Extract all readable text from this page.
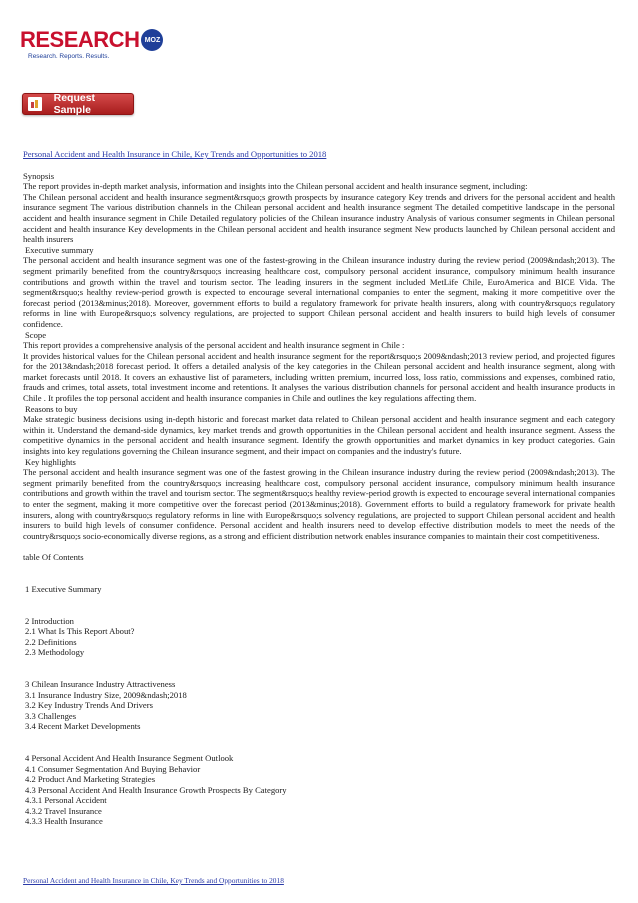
RESEARCH MOZ
Research. Reports. Results.
Request Sample

Personal Accident and Health Insurance in Chile, Key Trends and Opportunities to 2018

Synopsis

The report provides in-depth market analysis, information and insights into the Chilean personal accident and health insurance segment, including:

The Chilean personal accident and health insurance segment&rsquo;s growth prospects by insurance category Key trends and drivers for the personal accident and health insurance segment The various distribution channels in the Chilean personal accident and health insurance segment The detailed competitive landscape in the personal accident and health insurance segment in Chile Detailed regulatory policies of the Chilean insurance industry Analysis of various consumer segments in Chilean personal accident and health insurance Key developments in the Chilean personal accident and health insurance segment New products launched by Chilean personal accident and health insurers

Executive summary

The personal accident and health insurance segment was one of the fastest-growing in the Chilean insurance industry during the review period (2009&ndash;2013). The segment primarily benefited from the country&rsquo;s increasing healthcare cost, compulsory personal accident insurance, compulsory minimum health insurance contributions and growth within the travel and tourism sector. The leading insurers in the segment included MetLife Chile, EuroAmerica and BICE Vida. The segment&rsquo;s healthy review-period growth is expected to encourage several international companies to enter the segment, making it more competitive over the forecast period (2013&minus;2018). Moreover, government efforts to build a regulatory framework for private health insurers, along with country&rsquo;s regulatory reforms in line with Europe&rsquo;s solvency regulations, are projected to support Chilean personal accident and health insurers to build high levels of consumer confidence.

Scope

This report provides a comprehensive analysis of the personal accident and health insurance segment in Chile :

It provides historical values for the Chilean personal accident and health insurance segment for the report&rsquo;s 2009&ndash;2013 review period, and projected figures for the 2013&ndash;2018 forecast period. It offers a detailed analysis of the key categories in the Chilean personal accident and health insurance segment, along with market forecasts until 2018. It covers an exhaustive list of parameters, including written premium, incurred loss, loss ratio, commissions and expenses, combined ratio, frauds and crimes, total assets, total investment income and retentions. It analyses the various distribution channels for personal accident and health insurance products in Chile . It profiles the top personal accident and health insurance companies in Chile and outlines the key regulations affecting them.

Reasons to buy

Make strategic business decisions using in-depth historic and forecast market data related to Chilean personal accident and health insurance segment and each category within it. Understand the demand-side dynamics, key market trends and growth opportunities in the Chilean personal accident and health insurance segment. Assess the competitive dynamics in the personal accident and health insurance segment. Identify the growth opportunities and market dynamics in key product categories. Gain insights into key regulations governing the Chilean insurance segment, and their impact on companies and the industry's future.

Key highlights

The personal accident and health insurance segment was one of the fastest growing in the Chilean insurance industry during the review period (2009&ndash;2013). The segment primarily benefited from the country&rsquo;s increasing healthcare cost, compulsory personal accident insurance, compulsory minimum health insurance contributions and growth within the travel and tourism sector. The segment&rsquo;s healthy review-period growth is expected to encourage several international companies to enter the segment, making it more competitive over the forecast period (2013&minus;2018). Government efforts to build a regulatory framework for private health insurers, along with country&rsquo;s regulatory reforms in line with Europe&rsquo;s solvency regulations, are projected to support Chilean personal accident and health insurers to build high levels of consumer confidence. Personal accident and health insurers need to develop effective distribution models to meet the needs of the country&rsquo;s socio-economically diverse regions, as a strong and efficient distribution network enables insurance companies to maintain their cost competitiveness.

table Of Contents

1 Executive Summary

2 Introduction

2.1 What Is This Report About?

2.2 Definitions

2.3 Methodology

3 Chilean Insurance Industry Attractiveness

3.1 Insurance Industry Size, 2009&ndash;2018

3.2 Key Industry Trends And Drivers

3.3 Challenges

3.4 Recent Market Developments

4 Personal Accident And Health Insurance Segment Outlook

4.1 Consumer Segmentation And Buying Behavior

4.2 Product And Marketing Strategies

4.3 Personal Accident And Health Insurance Growth Prospects By Category

4.3.1 Personal Accident

4.3.2 Travel Insurance

4.3.3 Health Insurance

Personal Accident and Health Insurance in Chile, Key Trends and Opportunities to 2018
